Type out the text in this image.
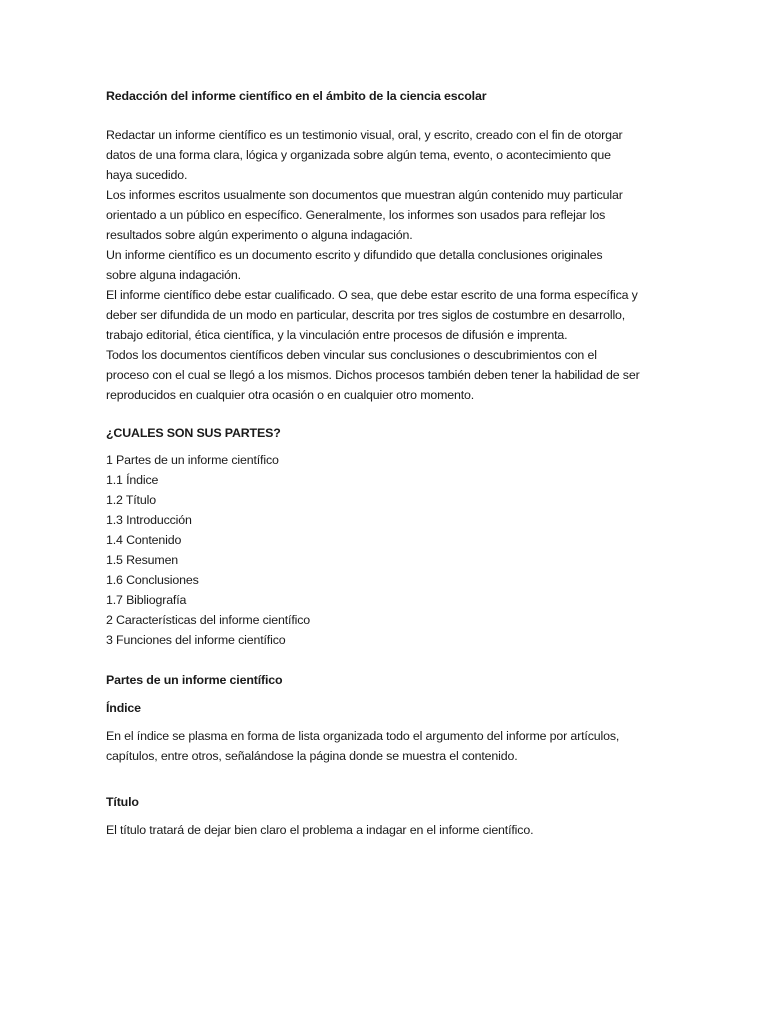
Redacción del informe científico en el ámbito de la ciencia escolar
Redactar un informe científico es un testimonio visual, oral, y escrito, creado con el fin de otorgar
datos de una forma clara, lógica y organizada sobre algún tema, evento, o acontecimiento que
haya sucedido.
Los informes escritos usualmente son documentos que muestran algún contenido muy particular
orientado a un público en específico. Generalmente, los informes son usados para reflejar los
resultados sobre algún experimento o alguna indagación.
Un informe científico es un documento escrito y difundido que detalla conclusiones originales
sobre alguna indagación.
El informe científico debe estar cualificado. O sea, que debe estar escrito de una forma específica y
deber ser difundida de un modo en particular, descrita por tres siglos de costumbre en desarrollo,
trabajo editorial, ética científica, y la vinculación entre procesos de difusión e imprenta.
Todos los documentos científicos deben vincular sus conclusiones o descubrimientos con el
proceso con el cual se llegó a los mismos. Dichos procesos también deben tener la habilidad de ser
reproducidos en cualquier otra ocasión o en cualquier otro momento.
¿CUALES SON SUS PARTES?
1 Partes de un informe científico
1.1 Índice
1.2 Título
1.3 Introducción
1.4 Contenido
1.5 Resumen
1.6 Conclusiones
1.7 Bibliografía
2 Características del informe científico
3 Funciones del informe científico
Partes de un informe científico
Índice
En el índice se plasma en forma de lista organizada todo el argumento del informe por artículos,
capítulos, entre otros, señalándose la página donde se muestra el contenido.
Título
El título tratará de dejar bien claro el problema a indagar en el informe científico.
